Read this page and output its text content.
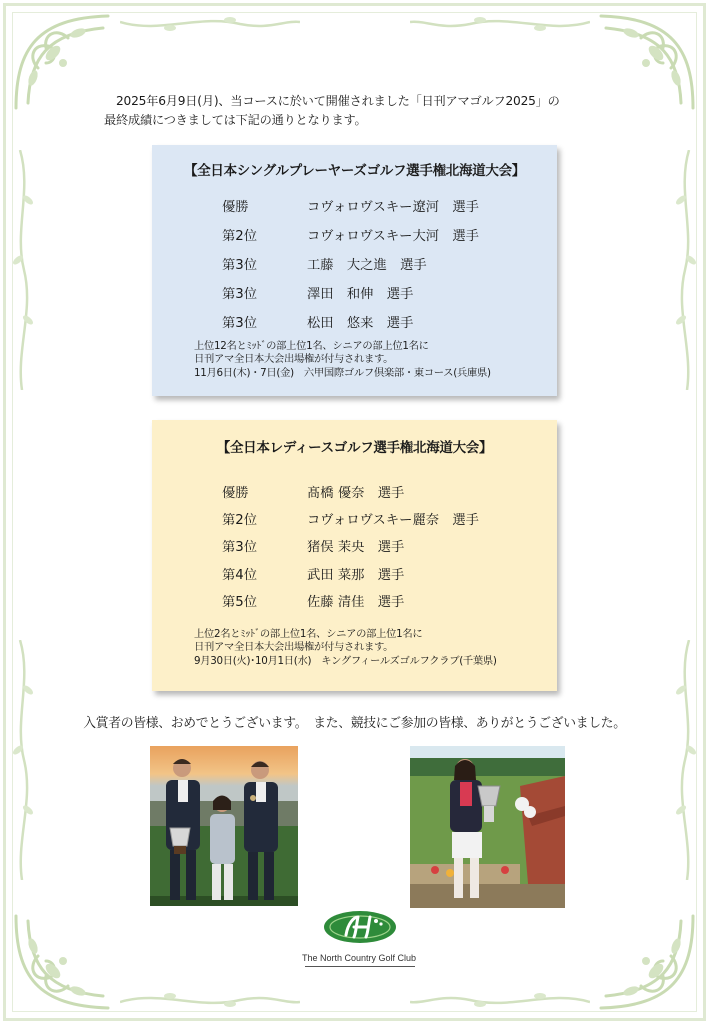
2025年6月9日(月)、当コースに於いて開催されました「日刊アマゴルフ2025」の
最終成績につきましては下記の通りとなります。
【全日本シングルプレーヤーズゴルフ選手権北海道大会】
優勝	コヴォロヴスキー遼河　選手
第2位	コヴォロヴスキー大河　選手
第3位	工藤　大之進　選手
第3位	澤田　和伸　選手
第3位	松田　悠来　選手
上位12名とﾐｯﾄﾞの部上位1名、シニアの部上位1名に
日刊アマ全日本大会出場権が付与されます。
11月6日(木)・7日(金)　六甲国際ゴルフ倶楽部・東コース(兵庫県)
【全日本レディースゴルフ選手権北海道大会】
優勝	髙橋 優奈　選手
第2位	コヴォロヴスキー麗奈　選手
第3位	猪俣 茉央　選手
第4位	武田 菜那　選手
第5位	佐藤 清佳　選手
上位2名とﾐｯﾄﾞの部上位1名、シニアの部上位1名に
日刊アマ全日本大会出場権が付与されます。
9月30日(火)･10月1日(水)　キングフィールズゴルフクラブ(千葉県)
入賞者の皆様、おめでとうございます。　また、競技にご参加の皆様、ありがとうございました。
The North Country Golf Club
